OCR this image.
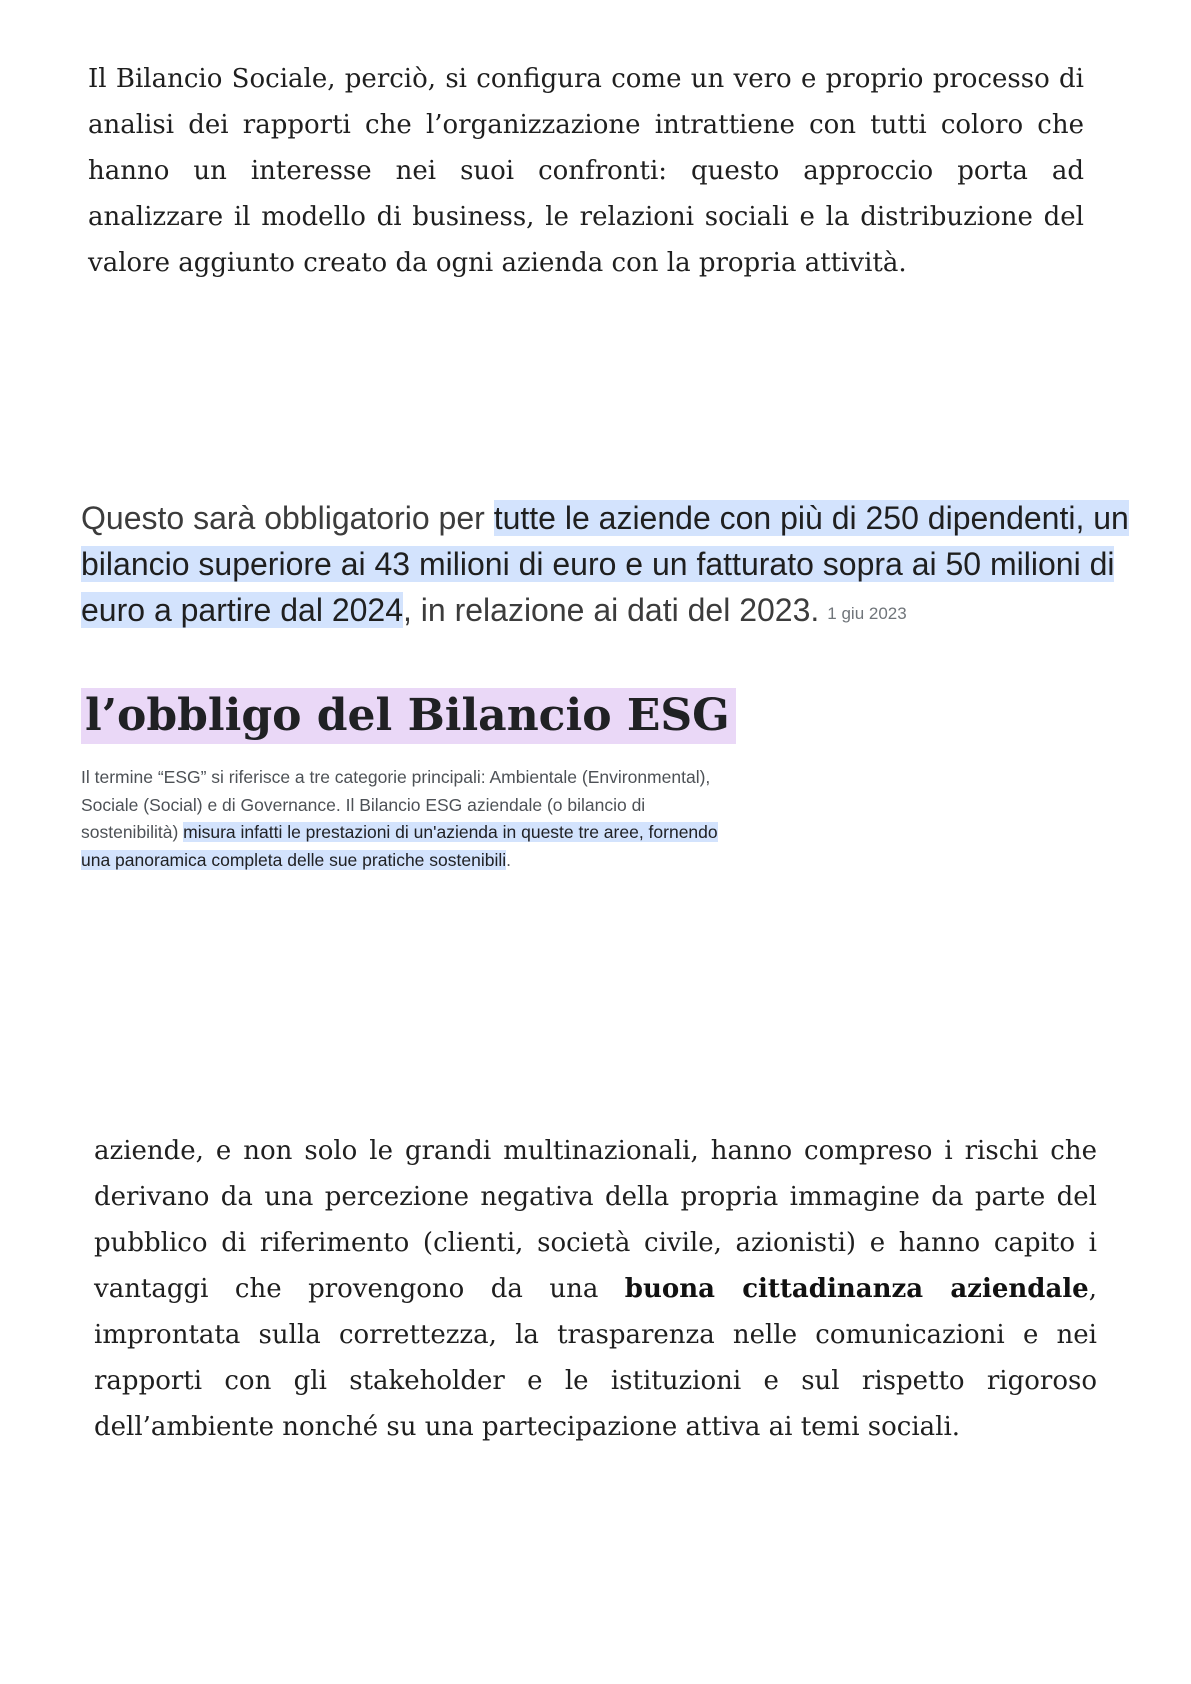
Il Bilancio Sociale, perciò, si configura come un vero e proprio processo di analisi dei rapporti che l’organizzazione intrattiene con tutti coloro che hanno un interesse nei suoi confronti: questo approccio porta ad analizzare il modello di business, le relazioni sociali e la distribuzione del valore aggiunto creato da ogni azienda con la propria attività.

Questo sarà obbligatorio per tutte le aziende con più di 250 dipendenti, un bilancio superiore ai 43 milioni di euro e un fatturato sopra ai 50 milioni di euro a partire dal 2024, in relazione ai dati del 2023. 1 giu 2023

l’obbligo del Bilancio ESG

Il termine “ESG” si riferisce a tre categorie principali: Ambientale (Environmental), Sociale (Social) e di Governance. Il Bilancio ESG aziendale (o bilancio di sostenibilità) misura infatti le prestazioni di un'azienda in queste tre aree, fornendo una panoramica completa delle sue pratiche sostenibili.

aziende, e non solo le grandi multinazionali, hanno compreso i rischi che derivano da una percezione negativa della propria immagine da parte del pubblico di riferimento (clienti, società civile, azionisti) e hanno capito i vantaggi che provengono da una buona cittadinanza aziendale, improntata sulla correttezza, la trasparenza nelle comunicazioni e nei rapporti con gli stakeholder e le istituzioni e sul rispetto rigoroso dell’ambiente nonché su una partecipazione attiva ai temi sociali.
